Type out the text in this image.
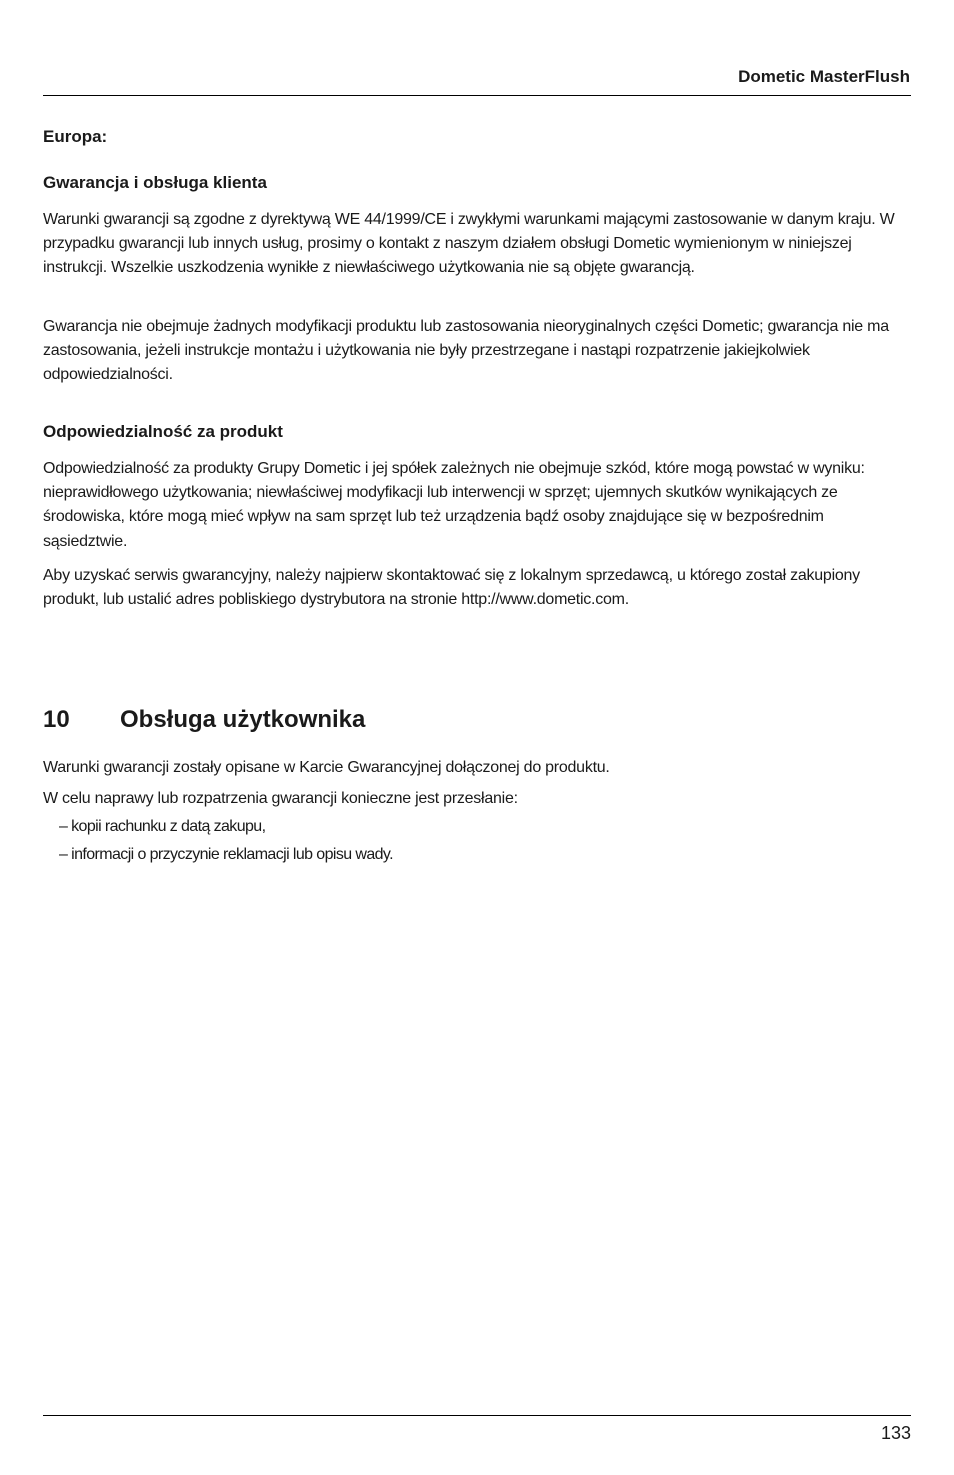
Dometic MasterFlush
Europa:
Gwarancja i obsługa klienta

Warunki gwarancji są zgodne z dyrektywą WE 44/1999/CE i zwykłymi warunkami mającymi zastosowanie w danym kraju. W przypadku gwarancji lub innych usług, prosimy o kontakt z naszym działem obsługi Dometic wymienionym w niniejszej instrukcji. Wszelkie uszkodzenia wynikłe z niewłaściwego użytkowania nie są objęte gwarancją.

Gwarancja nie obejmuje żadnych modyfikacji produktu lub zastosowania nieoryginalnych części Dometic; gwarancja nie ma zastosowania, jeżeli instrukcje montażu i użytkowania nie były przestrzegane i nastąpi rozpatrzenie jakiejkolwiek odpowiedzialności.

Odpowiedzialność za produkt

Odpowiedzialność za produkty Grupy Dometic i jej spółek zależnych nie obejmuje szkód, które mogą powstać w wyniku: nieprawidłowego użytkowania; niewłaściwej modyfikacji lub interwencji w sprzęt; ujemnych skutków wynikających ze środowiska, które mogą mieć wpływ na sam sprzęt lub też urządzenia bądź osoby znajdujące się w bezpośrednim sąsiedztwie.

Aby uzyskać serwis gwarancyjny, należy najpierw skontaktować się z lokalnym sprzedawcą, u którego został zakupiony produkt, lub ustalić adres pobliskiego dystrybutora na stronie http://www.dometic.com.

10 Obsługa użytkownika

Warunki gwarancji zostały opisane w Karcie Gwarancyjnej dołączonej do produktu.

W celu naprawy lub rozpatrzenia gwarancji konieczne jest przesłanie:

– kopii rachunku z datą zakupu,
– informacji o przyczynie reklamacji lub opisu wady.
133
